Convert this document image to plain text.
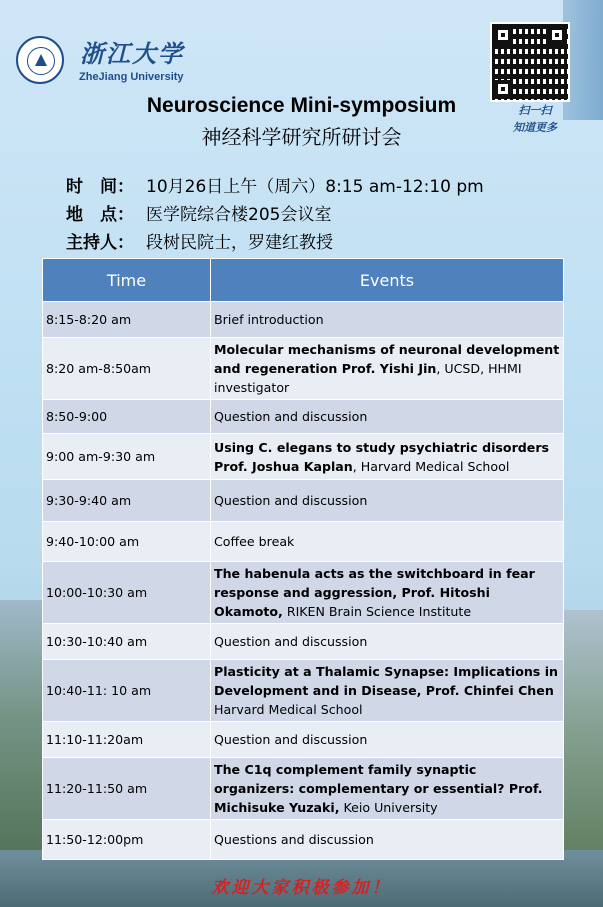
浙江大学
ZheJiang University
扫一扫
知道更多
Neuroscience Mini-symposium
神经科学研究所研讨会
时　间： 10月26日上午（周六）8:15 am-12:10 pm
地　点： 医学院综合楼205会议室
主持人： 段树民院士，罗建红教授
Time	Events
8:15-8:20 am	Brief introduction
8:20 am-8:50am	Molecular mechanisms of neuronal development and regeneration Prof. Yishi Jin, UCSD, HHMI investigator
8:50-9:00	Question and discussion
9:00 am-9:30 am	Using C. elegans to study psychiatric disorders Prof. Joshua Kaplan, Harvard Medical School
9:30-9:40 am	Question and discussion
9:40-10:00 am	Coffee break
10:00-10:30 am	The habenula acts as the switchboard in fear response and aggression, Prof. Hitoshi Okamoto, RIKEN Brain Science Institute
10:30-10:40 am	Question and discussion
10:40-11: 10 am	Plasticity at a Thalamic Synapse: Implications in Development and in Disease, Prof. Chinfei Chen Harvard Medical School
11:10-11:20am	Question and discussion
11:20-11:50 am	The C1q complement family synaptic organizers: complementary or essential? Prof. Michisuke Yuzaki, Keio University
11:50-12:00pm	Questions and discussion
欢迎大家积极参加！
